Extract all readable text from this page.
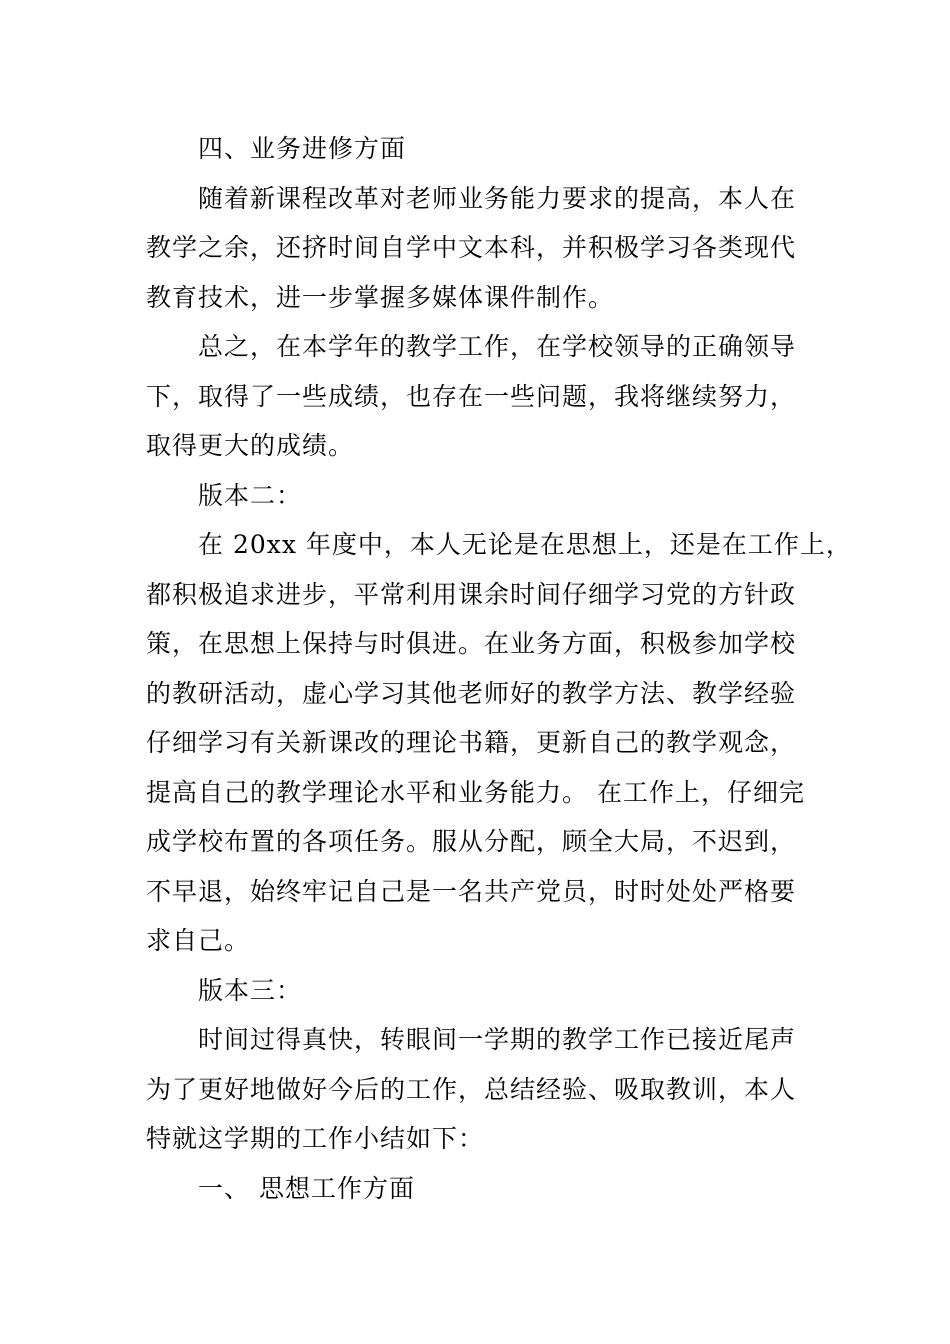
四、业务进修方面
随着新课程改革对老师业务能力要求的提高，本人在
教学之余，还挤时间自学中文本科，并积极学习各类现代
教育技术，进一步掌握多媒体课件制作。
总之，在本学年的教学工作，在学校领导的正确领导
下，取得了一些成绩，也存在一些问题，我将继续努力，
取得更大的成绩。
版本二：
在 20xx 年度中，本人无论是在思想上，还是在工作上，
都积极追求进步，平常利用课余时间仔细学习党的方针政
策，在思想上保持与时俱进。在业务方面，积极参加学校
的教研活动，虚心学习其他老师好的教学方法、教学经验
仔细学习有关新课改的理论书籍，更新自己的教学观念，
提高自己的教学理论水平和业务能力。 在工作上，仔细完
成学校布置的各项任务。服从分配，顾全大局，不迟到，
不早退，始终牢记自己是一名共产党员，时时处处严格要
求自己。
版本三：
时间过得真快，转眼间一学期的教学工作已接近尾声
为了更好地做好今后的工作，总结经验、吸取教训，本人
特就这学期的工作小结如下：
一、 思想工作方面
